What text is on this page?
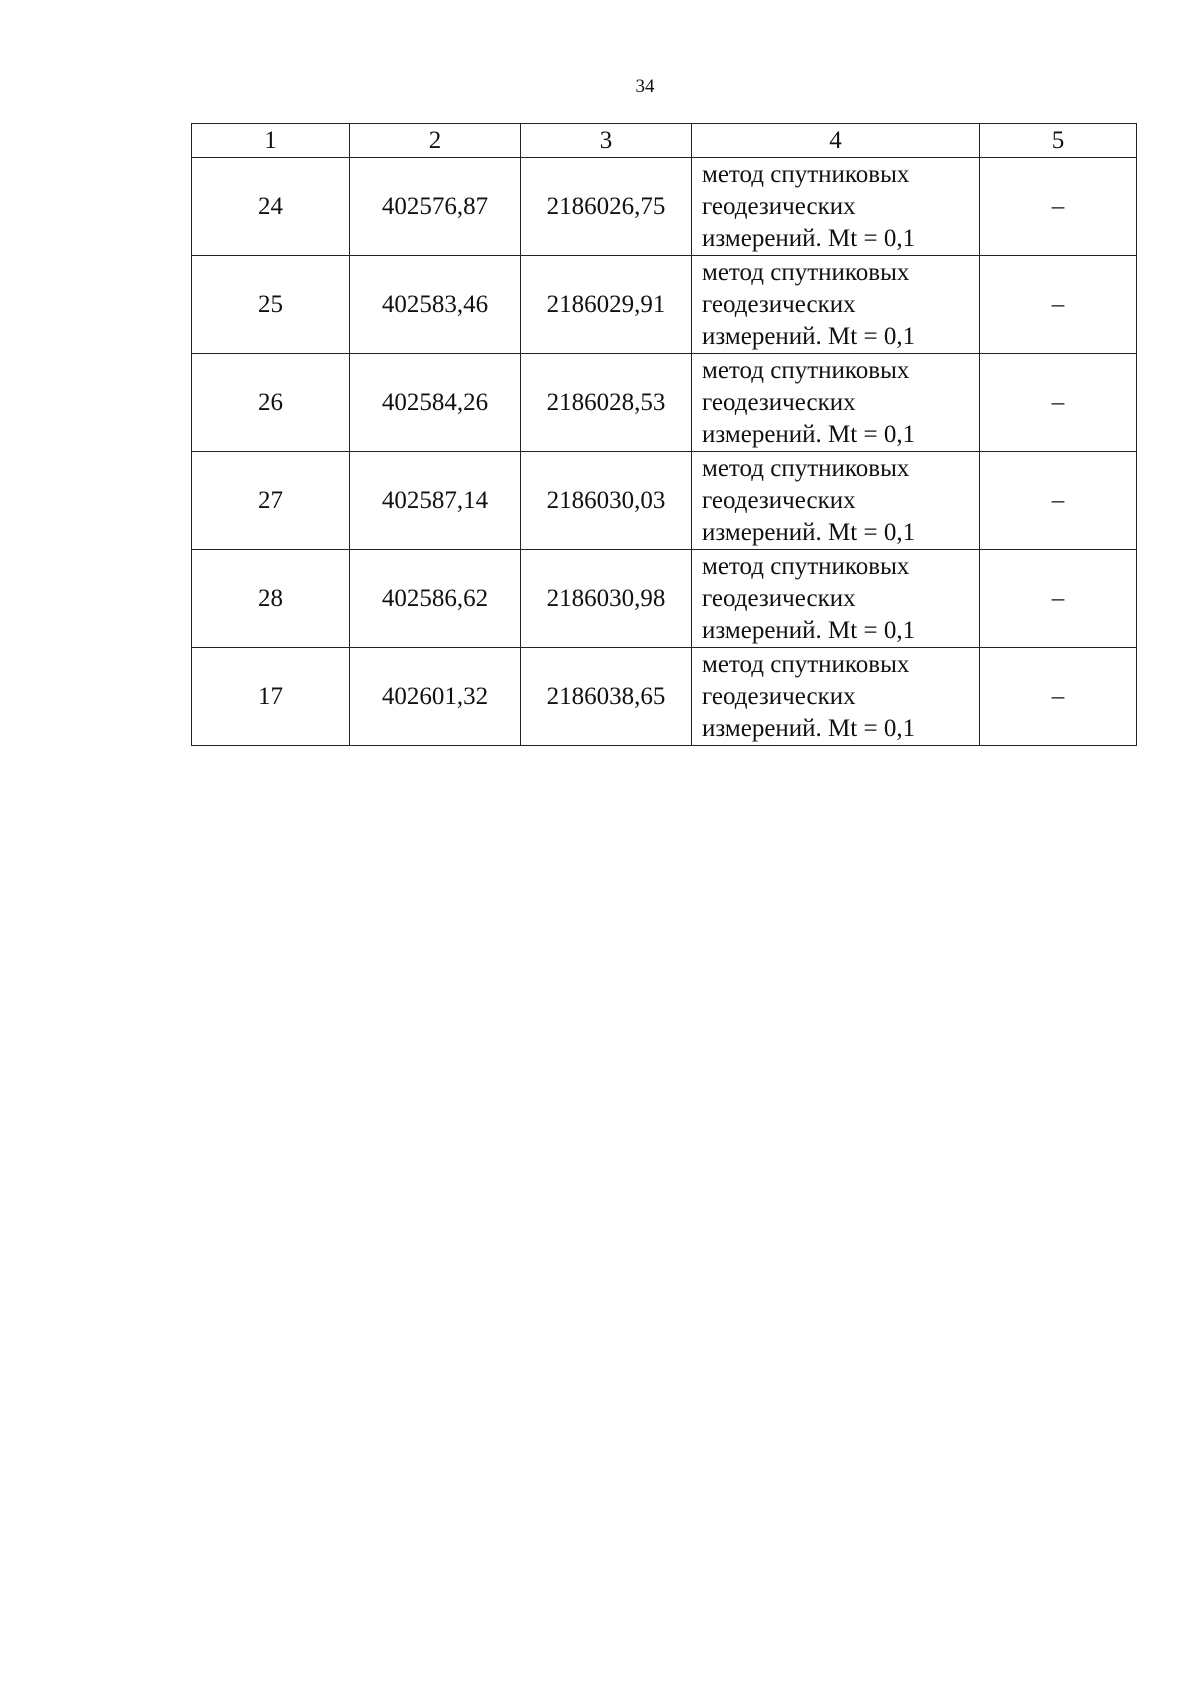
34
1	2	3	4	5
24	402576,87	2186026,75	метод спутниковых
геодезических
измерений. Mt = 0,1	–
25	402583,46	2186029,91	метод спутниковых
геодезических
измерений. Mt = 0,1	–
26	402584,26	2186028,53	метод спутниковых
геодезических
измерений. Mt = 0,1	–
27	402587,14	2186030,03	метод спутниковых
геодезических
измерений. Mt = 0,1	–
28	402586,62	2186030,98	метод спутниковых
геодезических
измерений. Mt = 0,1	–
17	402601,32	2186038,65	метод спутниковых
геодезических
измерений. Mt = 0,1	–
